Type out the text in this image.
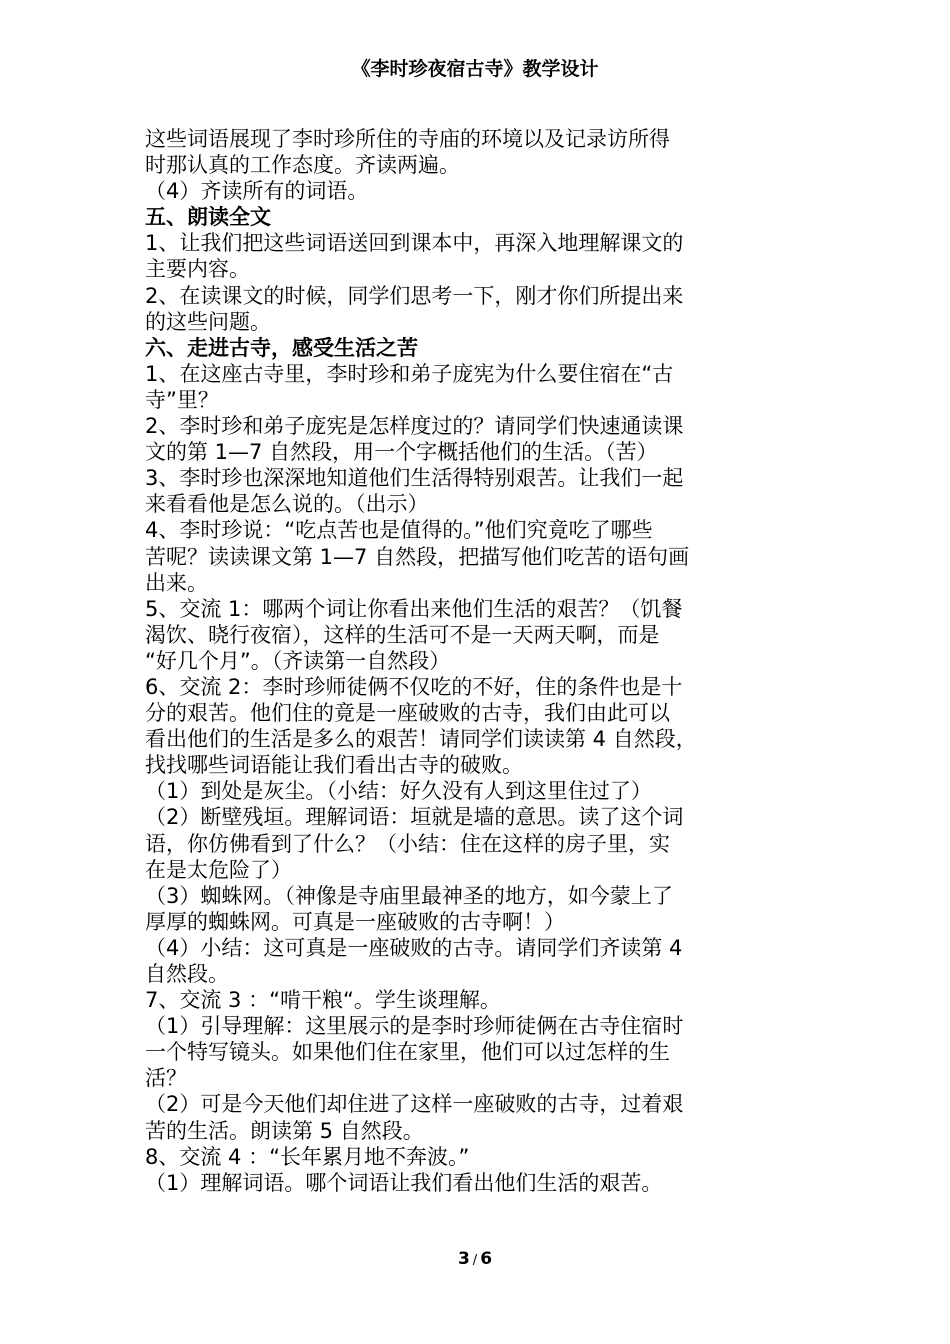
《李时珍夜宿古寺》教学设计
这些词语展现了李时珍所住的寺庙的环境以及记录访所得
时那认真的工作态度。齐读两遍。
（4）齐读所有的词语。
五、朗读全文
1、让我们把这些词语送回到课本中，再深入地理解课文的
主要内容。
2、在读课文的时候，同学们思考一下，刚才你们所提出来
的这些问题。
六、走进古寺，感受生活之苦
1、在这座古寺里，李时珍和弟子庞宪为什么要住宿在“古
寺”里？
2、李时珍和弟子庞宪是怎样度过的？请同学们快速通读课
文的第 1—7 自然段，用一个字概括他们的生活。（苦）
3、李时珍也深深地知道他们生活得特别艰苦。让我们一起
来看看他是怎么说的。（出示）
4、李时珍说：“吃点苦也是值得的。”他们究竟吃了哪些
苦呢？读读课文第 1—7 自然段，把描写他们吃苦的语句画
出来。
5、交流 1：哪两个词让你看出来他们生活的艰苦？（饥餐
渴饮、晓行夜宿），这样的生活可不是一天两天啊，而是
“好几个月”。（齐读第一自然段）
6、交流 2：李时珍师徒俩不仅吃的不好，住的条件也是十
分的艰苦。他们住的竟是一座破败的古寺，我们由此可以
看出他们的生活是多么的艰苦！请同学们读读第 4 自然段，
找找哪些词语能让我们看出古寺的破败。
（1）到处是灰尘。（小结：好久没有人到这里住过了）
（2）断壁残垣。理解词语：垣就是墙的意思。读了这个词
语，你仿佛看到了什么？（小结：住在这样的房子里，实
在是太危险了）
（3）蜘蛛网。（神像是寺庙里最神圣的地方，如今蒙上了
厚厚的蜘蛛网。可真是一座破败的古寺啊！）
（4）小结：这可真是一座破败的古寺。请同学们齐读第 4
自然段。
7、交流 3 ：“啃干粮“。学生谈理解。
（1）引导理解：这里展示的是李时珍师徒俩在古寺住宿时
一个特写镜头。如果他们住在家里，他们可以过怎样的生
活？
（2）可是今天他们却住进了这样一座破败的古寺，过着艰
苦的生活。朗读第 5 自然段。
8、交流 4 ：“长年累月地不奔波。”
（1）理解词语。哪个词语让我们看出他们生活的艰苦。
3 / 6
